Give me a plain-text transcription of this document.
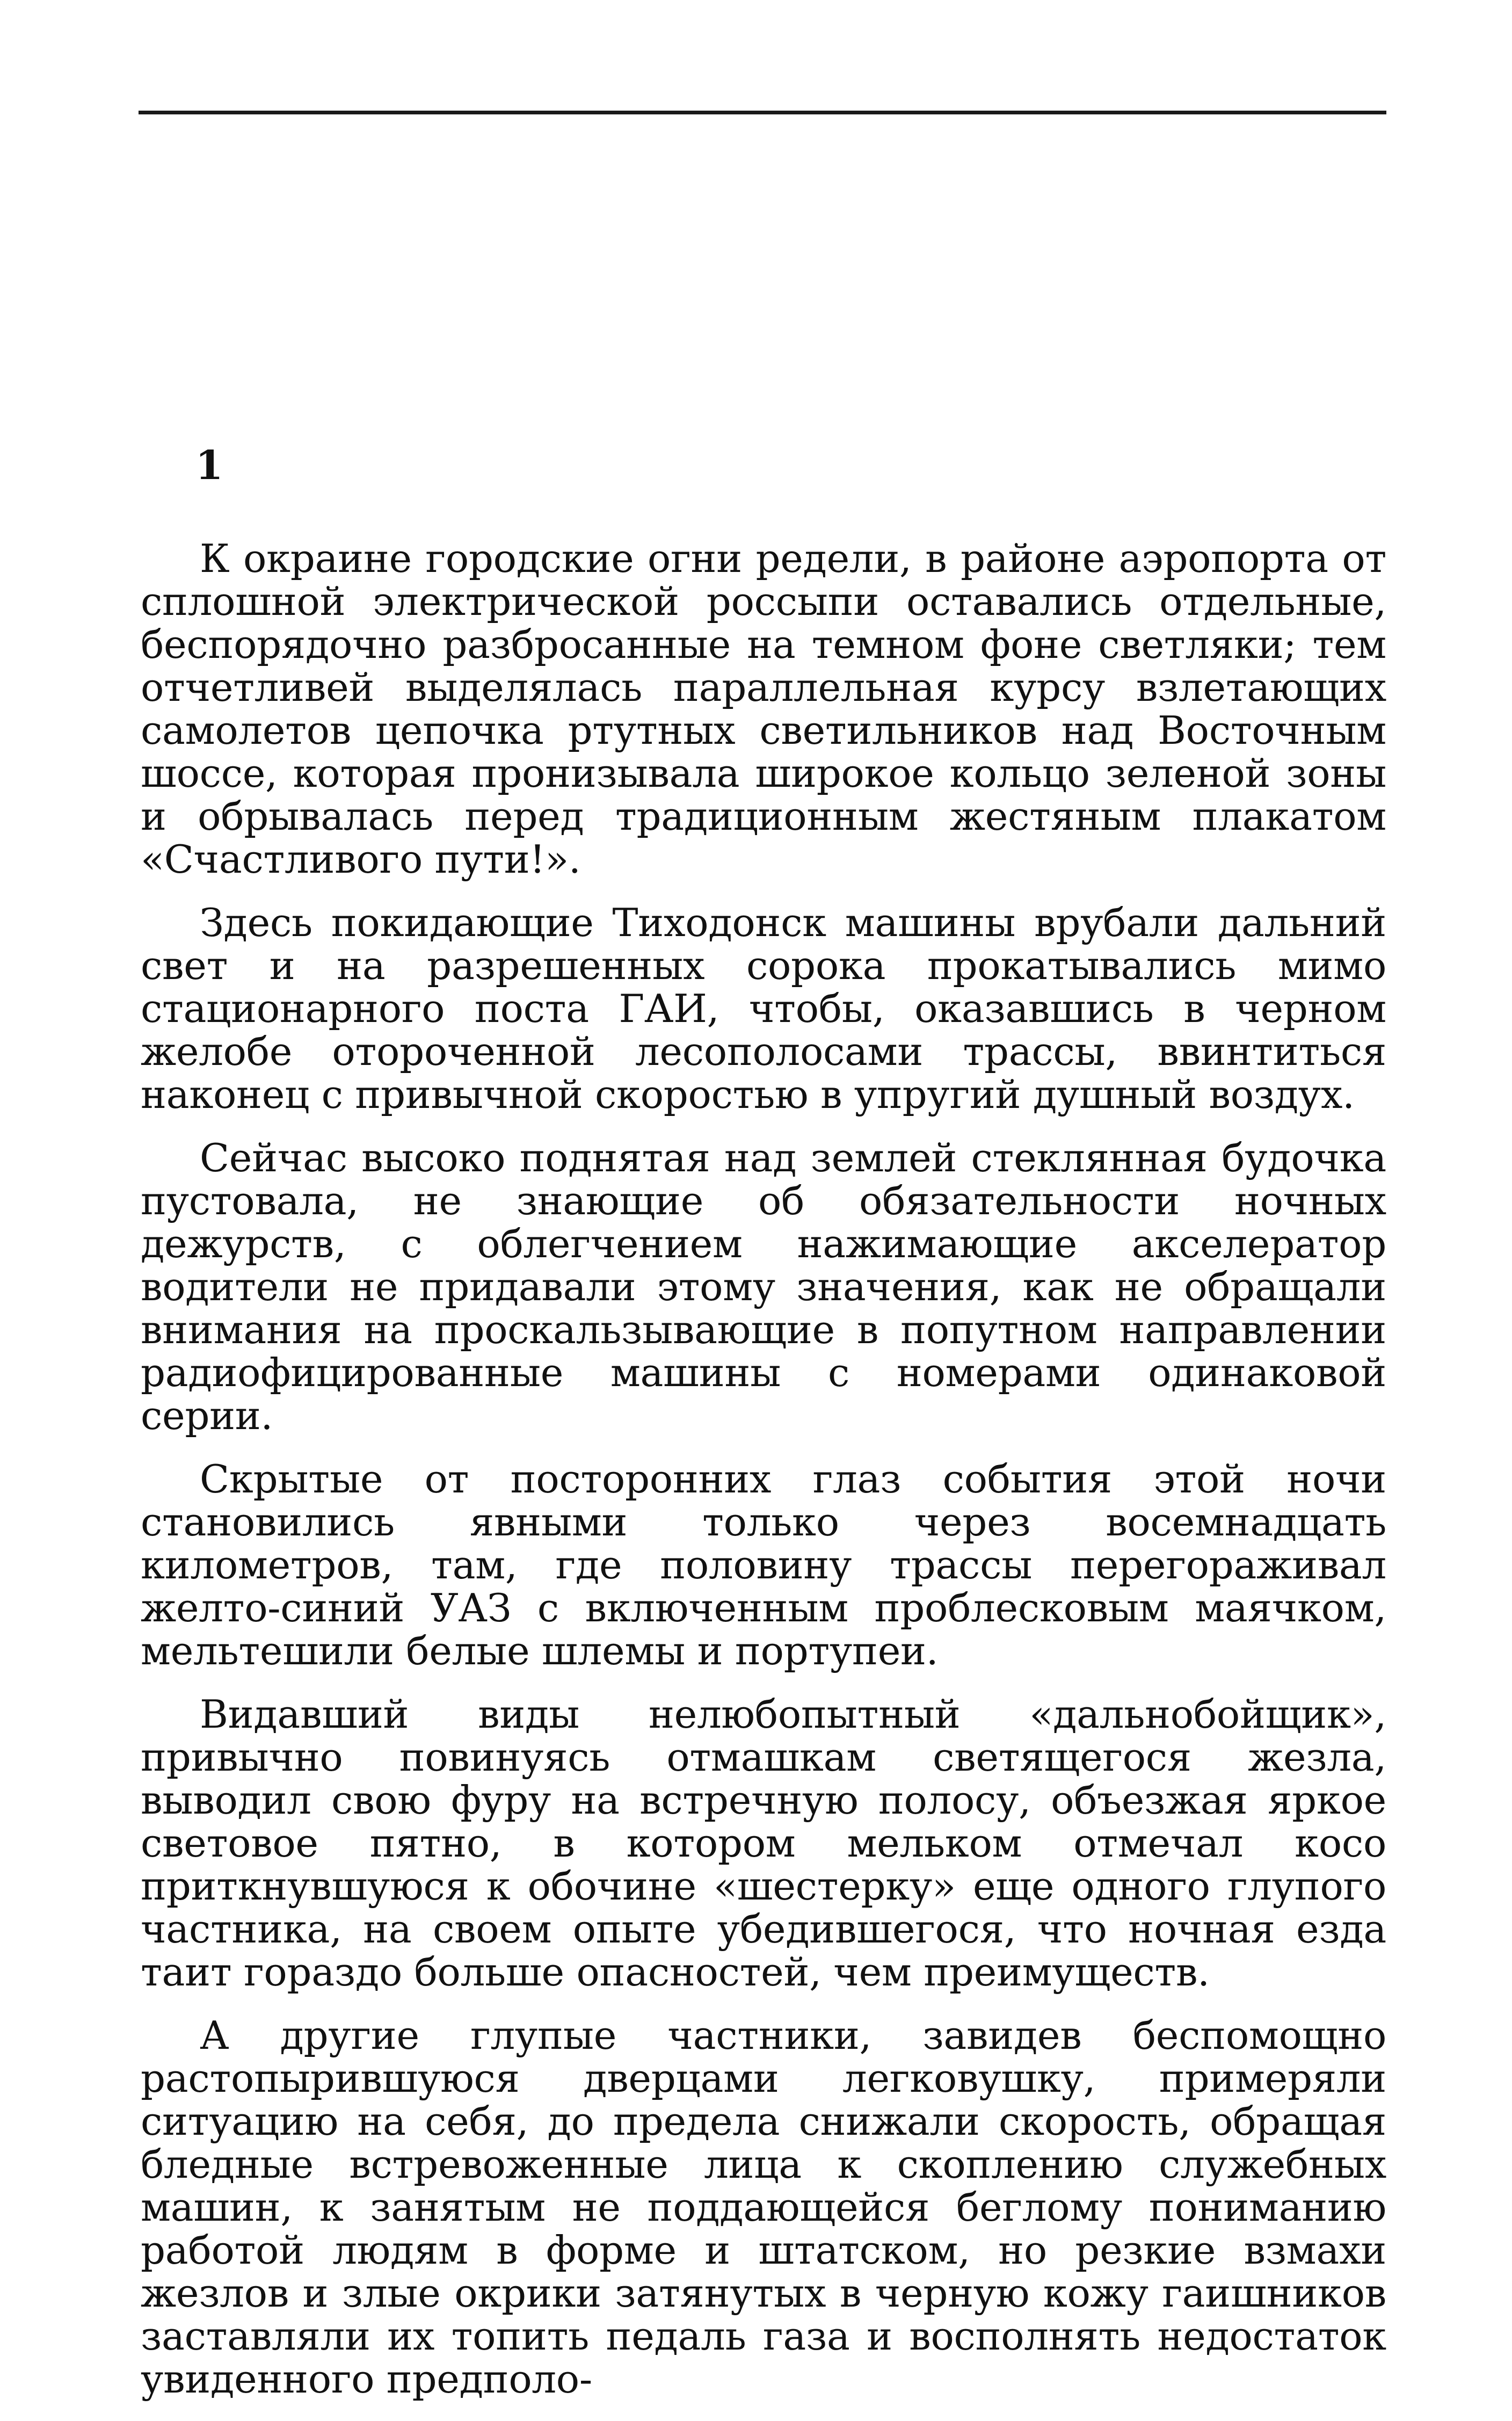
1

К окраине городские огни редели, в районе аэропорта от сплошной электрической россыпи оставались отдельные, беспорядочно разбросанные на темном фоне светляки; тем отчетливей выделялась параллельная курсу взлетающих самолетов цепочка ртутных светильников над Восточным шоссе, которая пронизывала широкое кольцо зеленой зоны и обрывалась перед традиционным жестяным плакатом «Счастливого пути!».

Здесь покидающие Тиходонск машины врубали дальний свет и на разрешенных сорока прокатывались мимо стационарного поста ГАИ, чтобы, оказавшись в черном желобе отороченной лесополосами трассы, ввинтиться наконец с привычной скоростью в упругий душный воздух.

Сейчас высоко поднятая над землей стеклянная будочка пустовала, не знающие об обязательности ночных дежурств, с облегчением нажимающие акселератор водители не придавали этому значения, как не обращали внимания на проскальзывающие в попутном направлении радиофицированные машины с номерами одинаковой серии.

Скрытые от посторонних глаз события этой ночи становились явными только через восемнадцать километров, там, где половину трассы перегораживал желто-синий УАЗ с включенным проблесковым маячком, мельтешили белые шлемы и портупеи.

Видавший виды нелюбопытный «дальнобойщик», привычно повинуясь отмашкам светящегося жезла, выводил свою фуру на встречную полосу, объезжая яркое световое пятно, в котором мельком отмечал косо приткнувшуюся к обочине «шестерку» еще одного глупого частника, на своем опыте убедившегося, что ночная езда таит гораздо больше опасностей, чем преимуществ.

А другие глупые частники, завидев беспомощно растопырившуюся дверцами легковушку, примеряли ситуацию на себя, до предела снижали скорость, обращая бледные встревоженные лица к скоплению служебных машин, к занятым не поддающейся беглому пониманию работой людям в форме и штатском, но резкие взмахи жезлов и злые окрики затянутых в черную кожу гаишников заставляли их топить педаль газа и восполнять недостаток увиденного предполо-
